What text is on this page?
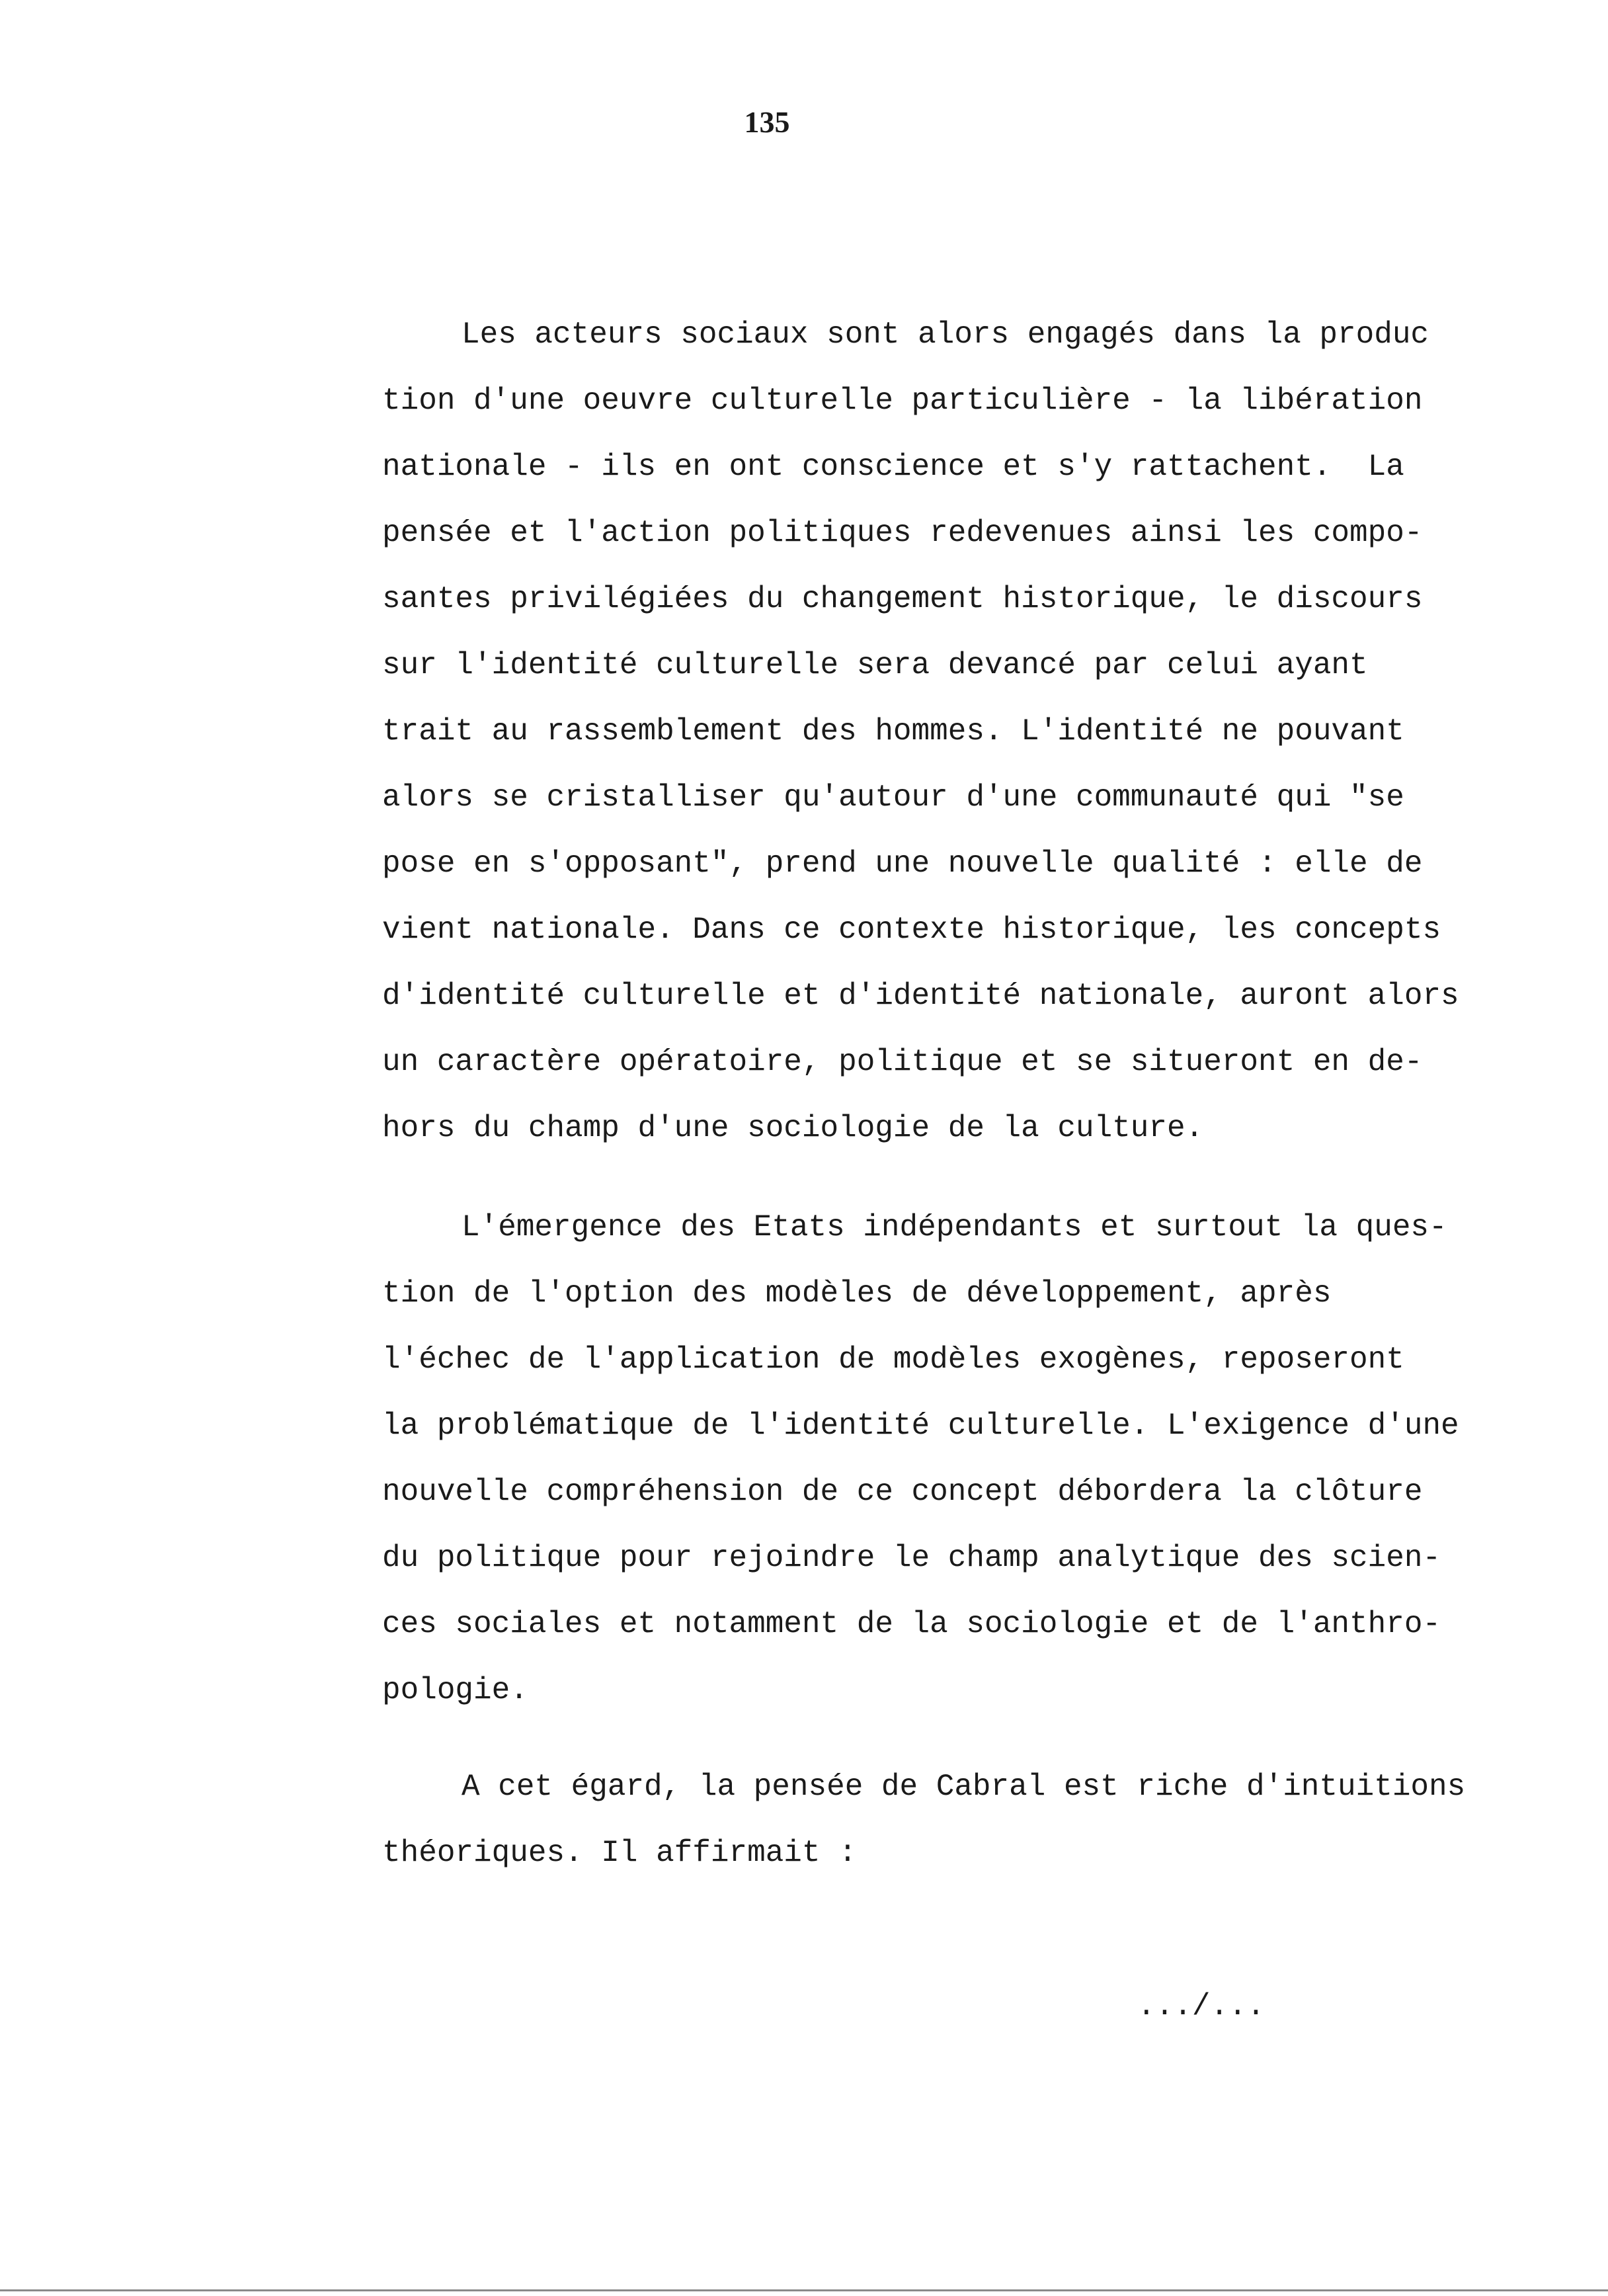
135
Les acteurs sociaux sont alors engagés dans la produc
tion d'une oeuvre culturelle particulière - la libération
nationale - ils en ont conscience et s'y rattachent.  La
pensée et l'action politiques redevenues ainsi les compo-
santes privilégiées du changement historique, le discours
sur l'identité culturelle sera devancé par celui ayant
trait au rassemblement des hommes. L'identité ne pouvant
alors se cristalliser qu'autour d'une communauté qui "se
pose en s'opposant", prend une nouvelle qualité : elle de
vient nationale. Dans ce contexte historique, les concepts
d'identité culturelle et d'identité nationale, auront alors
un caractère opératoire, politique et se situeront en de-
hors du champ d'une sociologie de la culture.
L'émergence des Etats indépendants et surtout la ques-
tion de l'option des modèles de développement, après
l'échec de l'application de modèles exogènes, reposeront
la problématique de l'identité culturelle. L'exigence d'une
nouvelle compréhension de ce concept débordera la clôture
du politique pour rejoindre le champ analytique des scien-
ces sociales et notamment de la sociologie et de l'anthro-
pologie.
A cet égard, la pensée de Cabral est riche d'intuitions
théoriques. Il affirmait :
.../...
